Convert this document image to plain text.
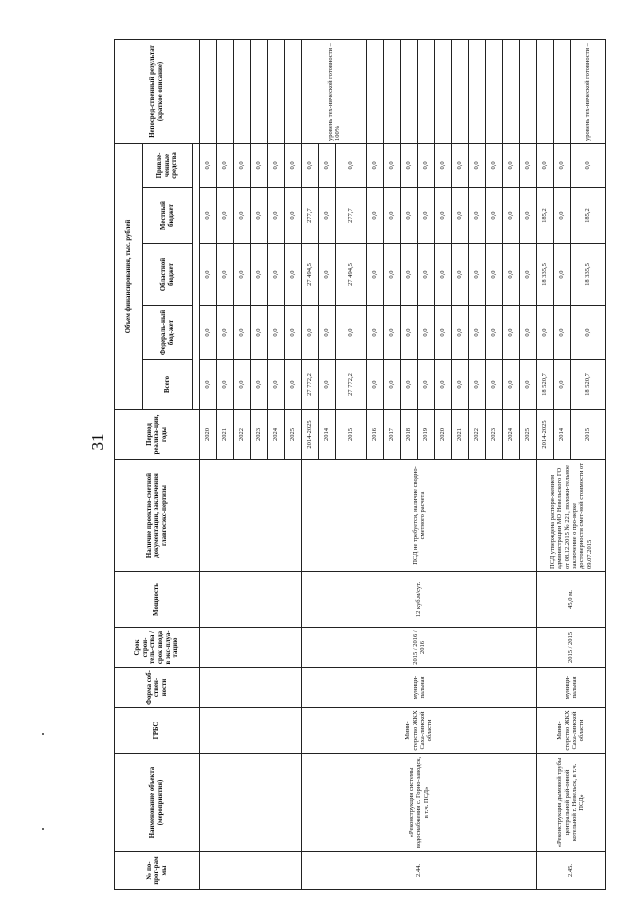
31
№ по-прог-рам мы	Наименование объекта (мероприятия)	ГРБС	Форма соб-ствен-ности	Срок строи-тель-ства / срок ввода в экс-плуа-тацию	Мощность	Наличие проектно-сметной документации, заключения главгосэкс-пертизы	Период реализа-ции, годы	Объем финансирования, тыс. рублей					Непосред-ственный результат (краткое описание)
								Всего	Федераль-ный бюд-жет	Областной бюджет	Местный бюджет	Привле-ченные средства	

							2020	0,0	0,0	0,0	0,0	0,0	
							2021	0,0	0,0	0,0	0,0	0,0	
							2022	0,0	0,0	0,0	0,0	0,0	
							2023	0,0	0,0	0,0	0,0	0,0	
							2024	0,0	0,0	0,0	0,0	0,0	
							2025	0,0	0,0	0,0	0,0	0,0	
2.44.	«Реконструкция системы водоснабжения с. Горно-заводск, в т.ч. ПСД»	Мини-стерство ЖКХ Саха-линской области	муници-пальная	2015 / 2016 / 2016	12 куб.м/сут.	ПСД не требуется, наличие сводно-сметного расчета	2014-2025	27 772,2	0,0	27 494,5	277,7	0,0	уровень тех-нической готовности – 100%
							2014	0,0	0,0	0,0	0,0	0,0	
							2015	27 772,2	0,0	27 494,5	277,7	0,0	
							2016	0,0	0,0	0,0	0,0	0,0	
							2017	0,0	0,0	0,0	0,0	0,0	
							2018	0,0	0,0	0,0	0,0	0,0	
							2019	0,0	0,0	0,0	0,0	0,0	
							2020	0,0	0,0	0,0	0,0	0,0	
							2021	0,0	0,0	0,0	0,0	0,0	
							2022	0,0	0,0	0,0	0,0	0,0	
							2023	0,0	0,0	0,0	0,0	0,0	
							2024	0,0	0,0	0,0	0,0	0,0	
							2025	0,0	0,0	0,0	0,0	0,0	
2.45.	«Реконструкция дымовой трубы центральной рай-онной котельной г. Невельск, в т.ч. ПСД»	Мини-стерство ЖКХ Саха-линской области	муници-пальная	2015 / 2015	45,0 м.	ПСД утверждена распоря-жением администрации МО Невельского ГО от 08.12.2015 № 221, положи-тельное заключение о про-верке достоверности смет-ной стоимости от 09.07.2015	2014-2025	18 520,7	0,0	18 335,5	185,2	0,0	
							2014	0,0	0,0	0,0	0,0	0,0	
							2015	18 520,7	0,0	18 335,5	185,2	0,0	уровень тех-нической готовности –
